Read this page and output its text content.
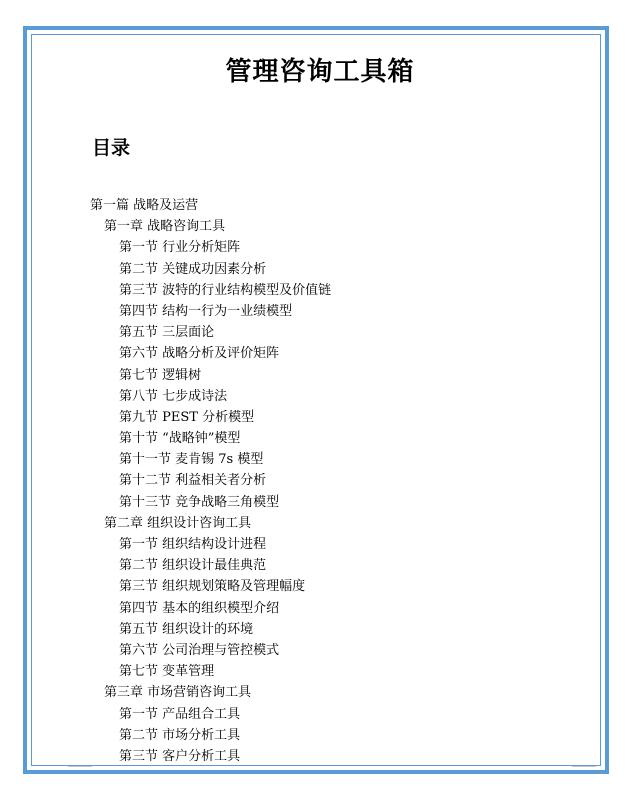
管理咨询工具箱
目录
第一篇 战略及运营
第一章 战略咨询工具
第一节 行业分析矩阵
第二节 关键成功因素分析
第三节 波特的行业结构模型及价值链
第四节 结构一行为一业绩模型
第五节 三层面论
第六节 战略分析及评价矩阵
第七节 逻辑树
第八节 七步成诗法
第九节 PEST 分析模型
第十节 “战略钟”模型
第十一节 麦肯锡 7s 模型
第十二节 利益相关者分析
第十三节 竞争战略三角模型
第二章 组织设计咨询工具
第一节 组织结构设计进程
第二节 组织设计最佳典范
第三节 组织规划策略及管理幅度
第四节 基本的组织模型介绍
第五节 组织设计的环境
第六节 公司治理与管控模式
第七节 变革管理
第三章 市场营销咨询工具
第一节 产品组合工具
第二节 市场分析工具
第三节 客户分析工具
